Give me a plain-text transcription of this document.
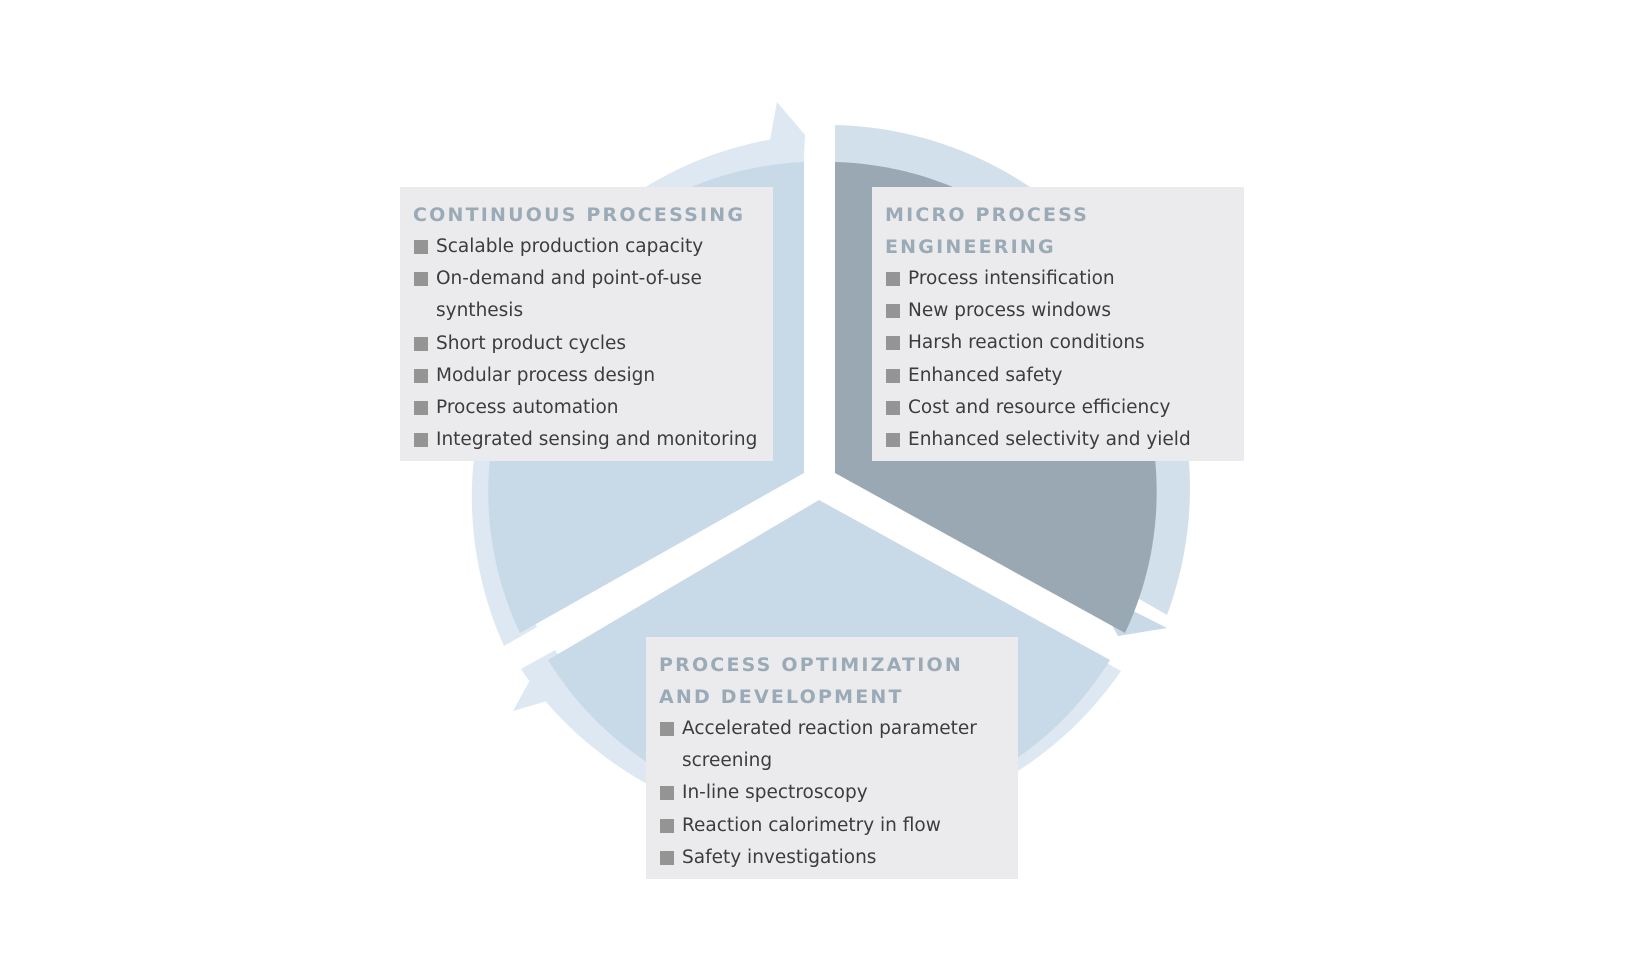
CONTINUOUS PROCESSING

Scalable production capacity
On-demand and point-of-use synthesis
Short product cycles
Modular process design
Process automation
Integrated sensing and monitoring

MICRO PROCESS ENGINEERING

Process intensification
New process windows
Harsh reaction conditions
Enhanced safety
Cost and resource efficiency
Enhanced selectivity and yield

PROCESS OPTIMIZATION
AND DEVELOPMENT

Accelerated reaction parameter screening
In-line spectroscopy
Reaction calorimetry in flow
Safety investigations
